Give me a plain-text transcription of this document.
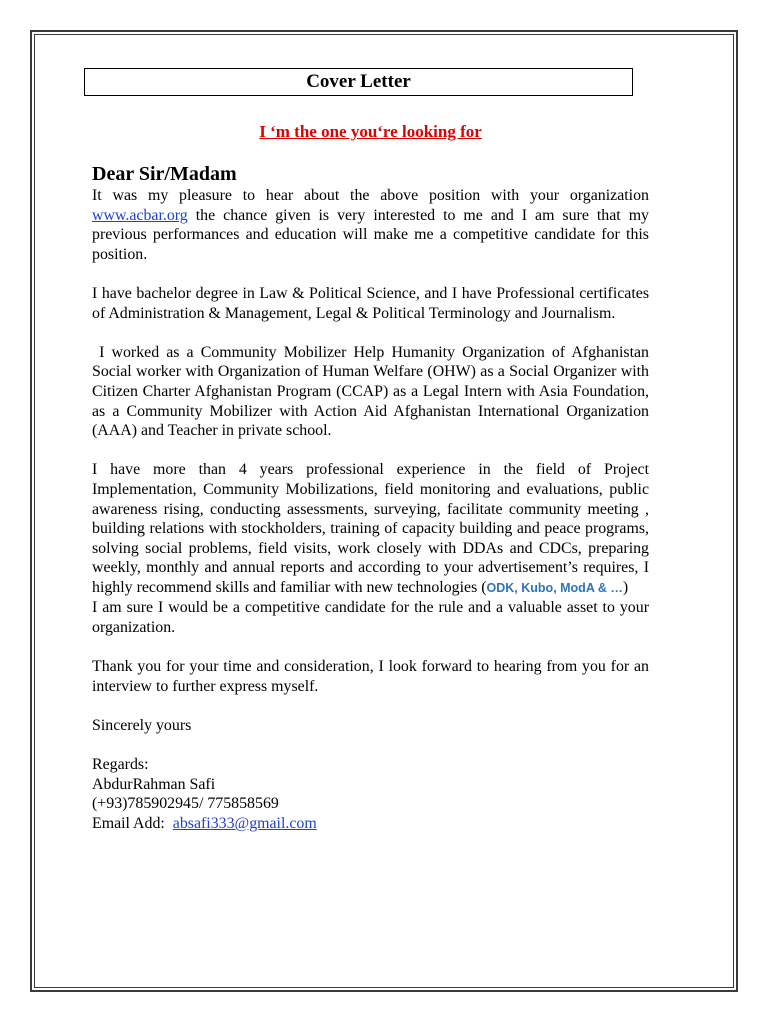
Cover Letter
I ‘m the one you‘re looking for
Dear Sir/Madam

It was my pleasure to hear about the above position with your organization www.acbar.org the chance given is very interested to me and I am sure that my previous performances and education will make me a competitive candidate for this position.

I have bachelor degree in Law & Political Science, and I have Professional certificates of Administration & Management, Legal & Political Terminology and Journalism.

I worked as a Community Mobilizer Help Humanity Organization of Afghanistan Social worker with Organization of Human Welfare (OHW) as a Social Organizer with Citizen Charter Afghanistan Program (CCAP) as a Legal Intern with Asia Foundation, as a Community Mobilizer with Action Aid Afghanistan International Organization (AAA) and Teacher in private school.

I have more than 4 years professional experience in the field of Project Implementation, Community Mobilizations, field monitoring and evaluations, public awareness rising, conducting assessments, surveying, facilitate community meeting , building relations with stockholders, training of capacity building and peace programs, solving social problems, field visits, work closely with DDAs and CDCs, preparing weekly, monthly and annual reports and according to your advertisement’s requires, I highly recommend skills and familiar with new technologies (ODK, Kubo, ModA & …)
I am sure I would be a competitive candidate for the rule and a valuable asset to your organization.

Thank you for your time and consideration, I look forward to hearing from you for an interview to further express myself.

Sincerely yours

Regards:
AbdurRahman Safi
(+93)785902945/ 775858569
Email Add:  absafi333@gmail.com
